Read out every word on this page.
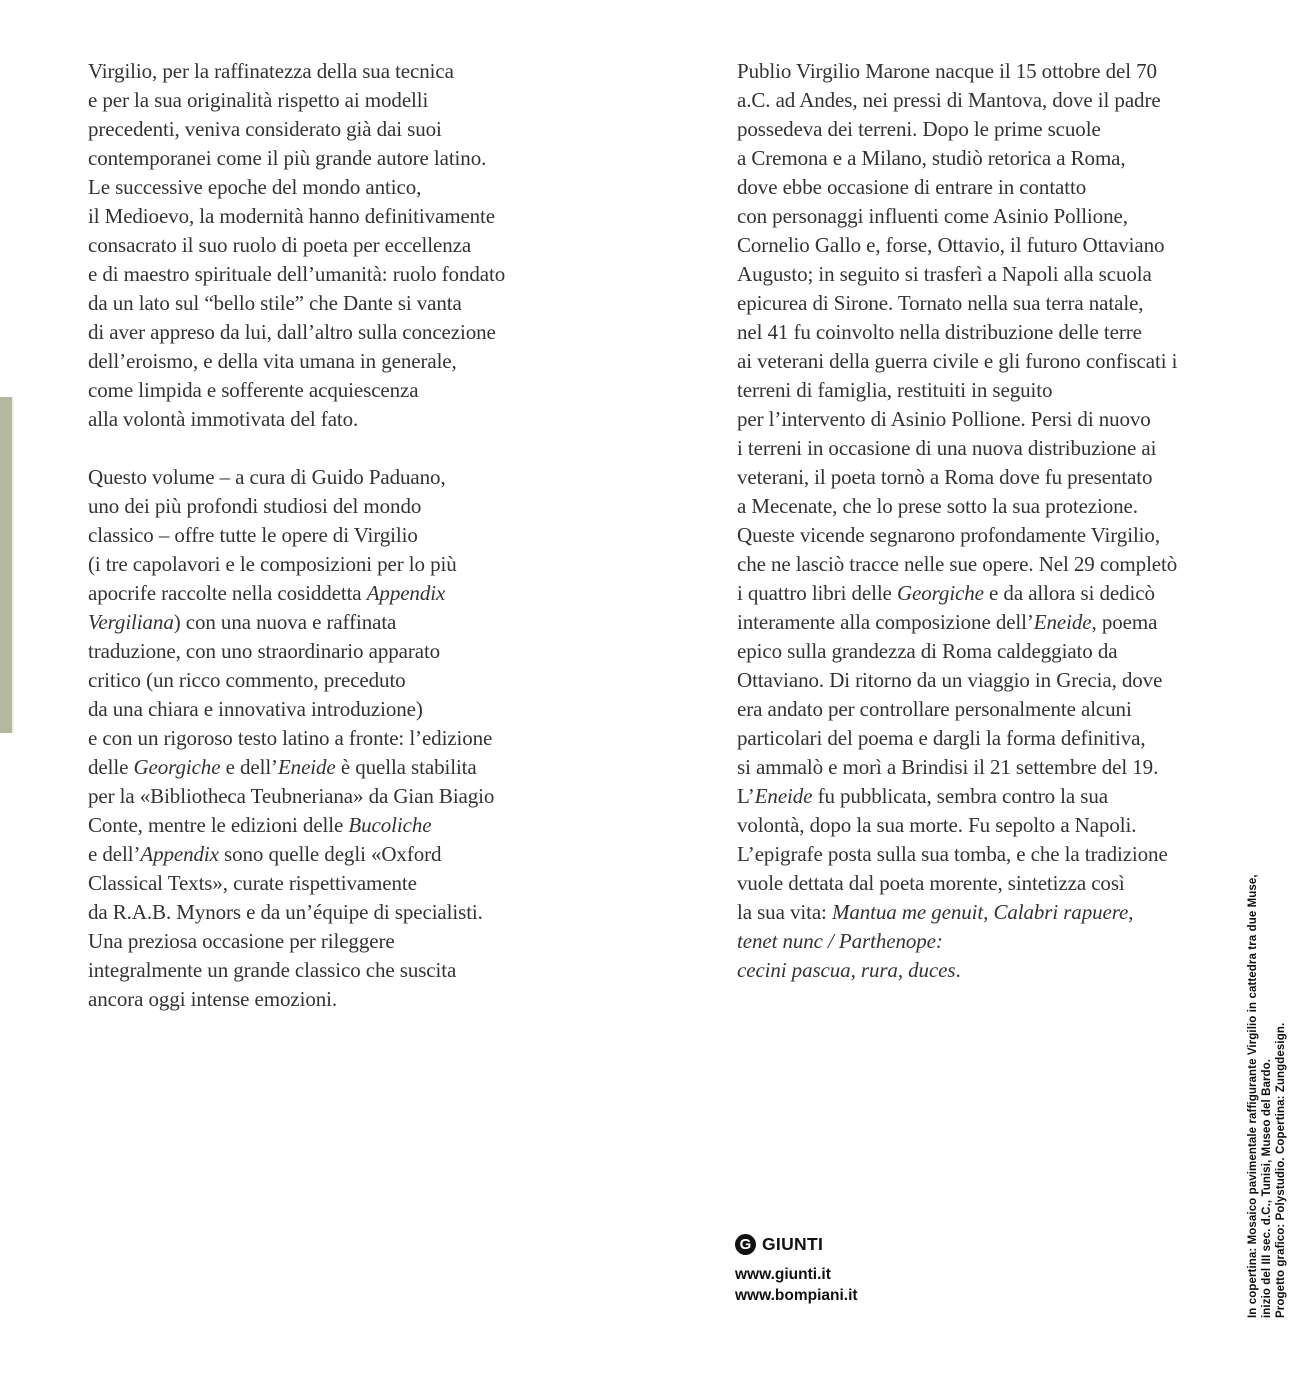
Virgilio, per la raffinatezza della sua tecnica
e per la sua originalità rispetto ai modelli
precedenti, veniva considerato già dai suoi
contemporanei come il più grande autore latino.
Le successive epoche del mondo antico,
il Medioevo, la modernità hanno definitivamente
consacrato il suo ruolo di poeta per eccellenza
e di maestro spirituale dell’umanità: ruolo fondato
da un lato sul “bello stile” che Dante si vanta
di aver appreso da lui, dall’altro sulla concezione
dell’eroismo, e della vita umana in generale,
come limpida e sofferente acquiescenza
alla volontà immotivata del fato.

Questo volume – a cura di Guido Paduano,
uno dei più profondi studiosi del mondo
classico – offre tutte le opere di Virgilio
(i tre capolavori e le composizioni per lo più
apocrife raccolte nella cosiddetta Appendix
Vergiliana) con una nuova e raffinata
traduzione, con uno straordinario apparato
critico (un ricco commento, preceduto
da una chiara e innovativa introduzione)
e con un rigoroso testo latino a fronte: l’edizione
delle Georgiche e dell’Eneide è quella stabilita
per la «Bibliotheca Teubneriana» da Gian Biagio
Conte, mentre le edizioni delle Bucoliche
e dell’Appendix sono quelle degli «Oxford
Classical Texts», curate rispettivamente
da R.A.B. Mynors e da un’équipe di specialisti.
Una preziosa occasione per rileggere
integralmente un grande classico che suscita
ancora oggi intense emozioni.

Publio Virgilio Marone nacque il 15 ottobre del 70
a.C. ad Andes, nei pressi di Mantova, dove il padre
possedeva dei terreni. Dopo le prime scuole
a Cremona e a Milano, studiò retorica a Roma,
dove ebbe occasione di entrare in contatto
con personaggi influenti come Asinio Pollione,
Cornelio Gallo e, forse, Ottavio, il futuro Ottaviano
Augusto; in seguito si trasferì a Napoli alla scuola
epicurea di Sirone. Tornato nella sua terra natale,
nel 41 fu coinvolto nella distribuzione delle terre
ai veterani della guerra civile e gli furono confiscati i
terreni di famiglia, restituiti in seguito
per l’intervento di Asinio Pollione. Persi di nuovo
i terreni in occasione di una nuova distribuzione ai
veterani, il poeta tornò a Roma dove fu presentato
a Mecenate, che lo prese sotto la sua protezione.
Queste vicende segnarono profondamente Virgilio,
che ne lasciò tracce nelle sue opere. Nel 29 completò
i quattro libri delle Georgiche e da allora si dedicò
interamente alla composizione dell’Eneide, poema
epico sulla grandezza di Roma caldeggiato da
Ottaviano. Di ritorno da un viaggio in Grecia, dove
era andato per controllare personalmente alcuni
particolari del poema e dargli la forma definitiva,
si ammalò e morì a Brindisi il 21 settembre del 19.
L’Eneide fu pubblicata, sembra contro la sua
volontà, dopo la sua morte. Fu sepolto a Napoli.
L’epigrafe posta sulla sua tomba, e che la tradizione
vuole dettata dal poeta morente, sintetizza così
la sua vita: Mantua me genuit, Calabri rapuere,
tenet nunc / Parthenope:
cecini pascua, rura, duces.	In copertina: Mosaico pavimentale raffigurante Virgilio in cattedra tra due Muse, inizio del III sec. d.C., Tunisi, Museo del Bardo. Progetto grafico: Polystudio. Copertina: Zungdesign.
G GIUNTI
www.giunti.it
www.bompiani.it
